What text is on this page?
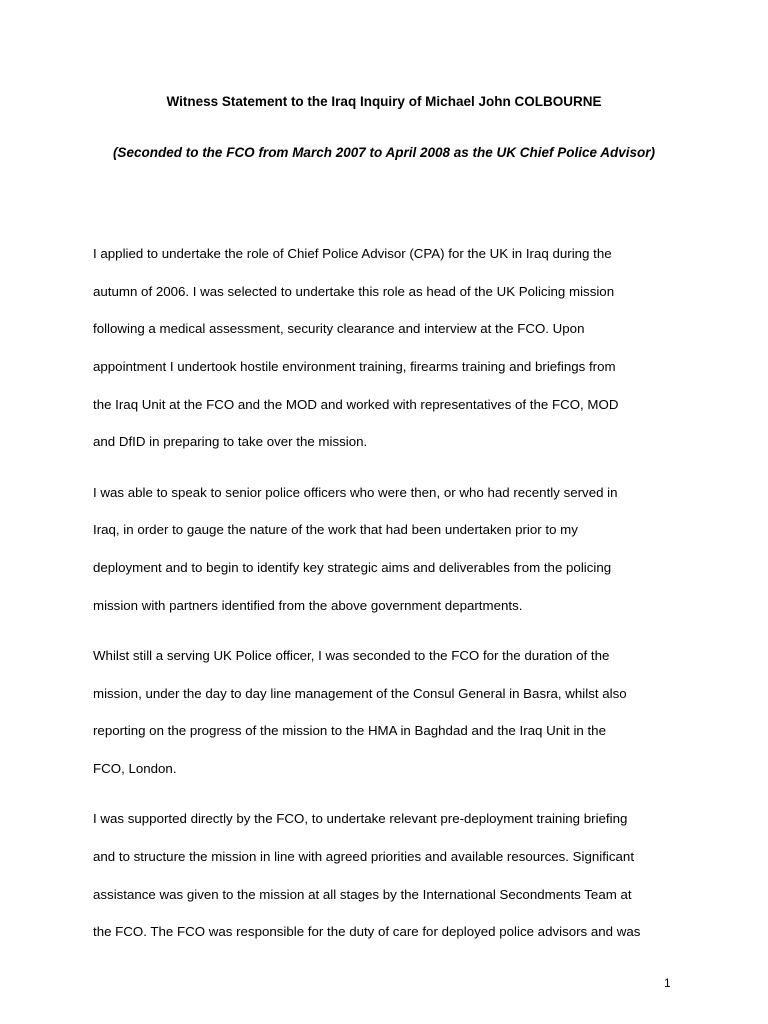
Witness Statement to the Iraq Inquiry of Michael John COLBOURNE
(Seconded to the FCO from March 2007 to April 2008 as the UK Chief Police Advisor)
I applied to undertake the role of Chief Police Advisor (CPA) for the UK in Iraq during the
autumn of 2006. I was selected to undertake this role as head of the UK Policing mission
following a medical assessment, security clearance and interview at the FCO. Upon
appointment I undertook hostile environment training, firearms training and briefings from
the Iraq Unit at the FCO and the MOD and worked with representatives of the FCO, MOD
and DfID in preparing to take over the mission.
I was able to speak to senior police officers who were then, or who had recently served in
Iraq, in order to gauge the nature of the work that had been undertaken prior to my
deployment and to begin to identify key strategic aims and deliverables from the policing
mission with partners identified from the above government departments.
Whilst still a serving UK Police officer, I was seconded to the FCO for the duration of the
mission, under the day to day line management of the Consul General in Basra, whilst also
reporting on the progress of the mission to the HMA in Baghdad and the Iraq Unit in the
FCO, London.
I was supported directly by the FCO, to undertake relevant pre-deployment training briefing
and to structure the mission in line with agreed priorities and available resources. Significant
assistance was given to the mission at all stages by the International Secondments Team at
the FCO. The FCO was responsible for the duty of care for deployed police advisors and was
1
